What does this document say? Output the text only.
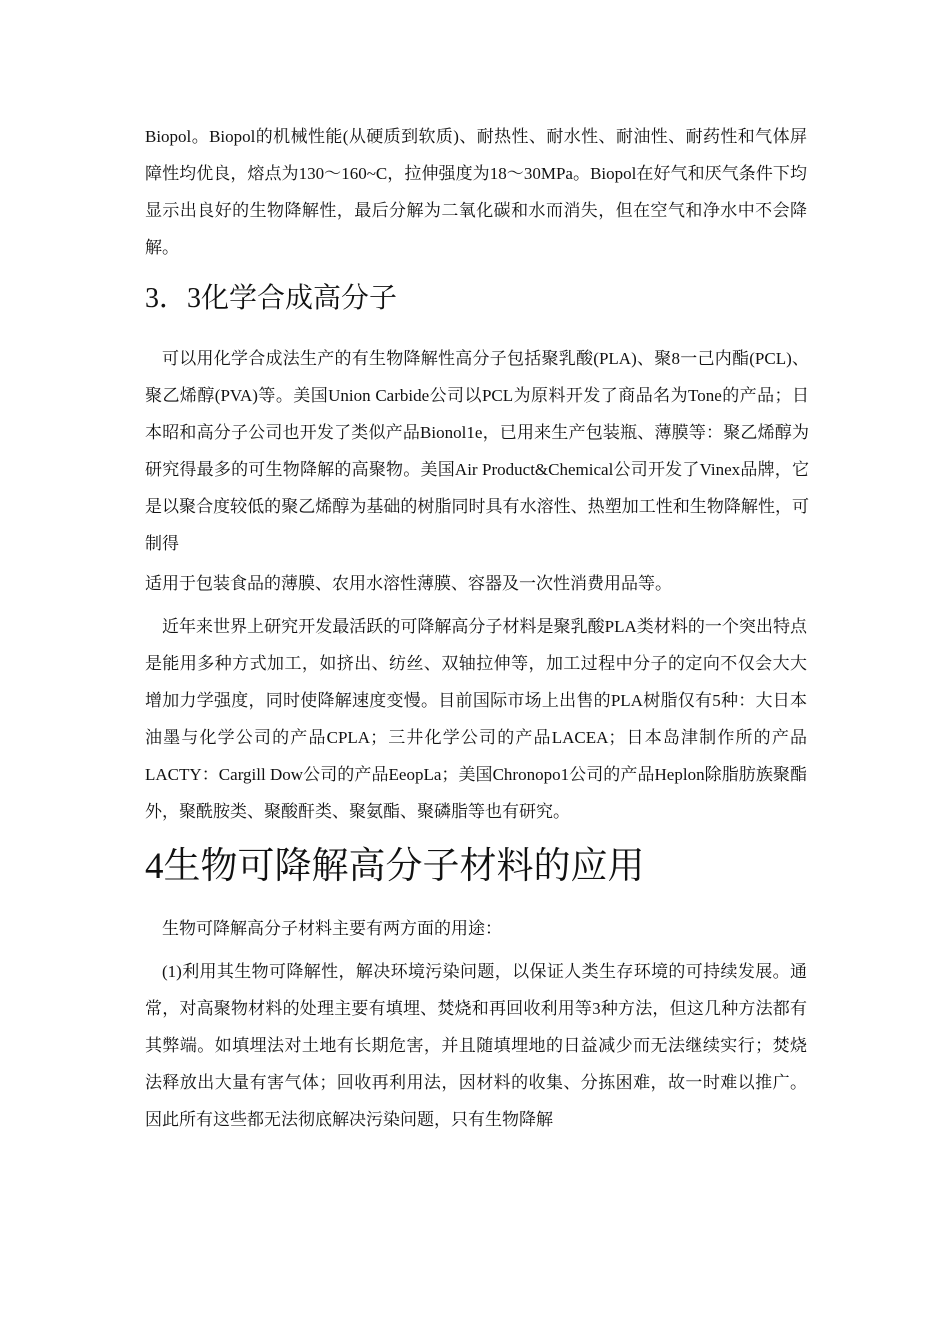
Biopol。Biopol的机械性能(从硬质到软质)、耐热性、耐水性、耐油性、耐药性和气体屏障性均优良，熔点为130～160~C，拉伸强度为18～30MPa。Biopol在好气和厌气条件下均显示出良好的生物降解性，最后分解为二氧化碳和水而消失，但在空气和净水中不会降解。

3．3化学合成高分子

可以用化学合成法生产的有生物降解性高分子包括聚乳酸(PLA)、聚8一己内酯(PCL)、聚乙烯醇(PVA)等。美国Union Carbide公司以PCL为原料开发了商品名为Tone的产品；日本昭和高分子公司也开发了类似产品Bionol1e，已用来生产包装瓶、薄膜等：聚乙烯醇为研究得最多的可生物降解的高聚物。美国Air Product&Chemical公司开发了Vinex品牌，它是以聚合度较低的聚乙烯醇为基础的树脂同时具有水溶性、热塑加工性和生物降解性，可制得

适用于包装食品的薄膜、农用水溶性薄膜、容器及一次性消费用品等。

近年来世界上研究开发最活跃的可降解高分子材料是聚乳酸PLA类材料的一个突出特点是能用多种方式加工，如挤出、纺丝、双轴拉伸等，加工过程中分子的定向不仅会大大增加力学强度，同时使降解速度变慢。目前国际市场上出售的PLA树脂仅有5种：大日本油墨与化学公司的产品CPLA；三井化学公司的产品LACEA；日本岛津制作所的产品LACTY：Cargill Dow公司的产品EeopLa；美国Chronopo1公司的产品Heplon除脂肪族聚酯外，聚酰胺类、聚酸酐类、聚氨酯、聚磷脂等也有研究。

4生物可降解高分子材料的应用

生物可降解高分子材料主要有两方面的用途：

(1)利用其生物可降解性，解决环境污染问题，以保证人类生存环境的可持续发展。通常，对高聚物材料的处理主要有填埋、焚烧和再回收利用等3种方法，但这几种方法都有其弊端。如填埋法对土地有长期危害，并且随填埋地的日益减少而无法继续实行；焚烧法释放出大量有害气体；回收再利用法，因材料的收集、分拣困难，故一时难以推广。因此所有这些都无法彻底解决污染问题，只有生物降解
